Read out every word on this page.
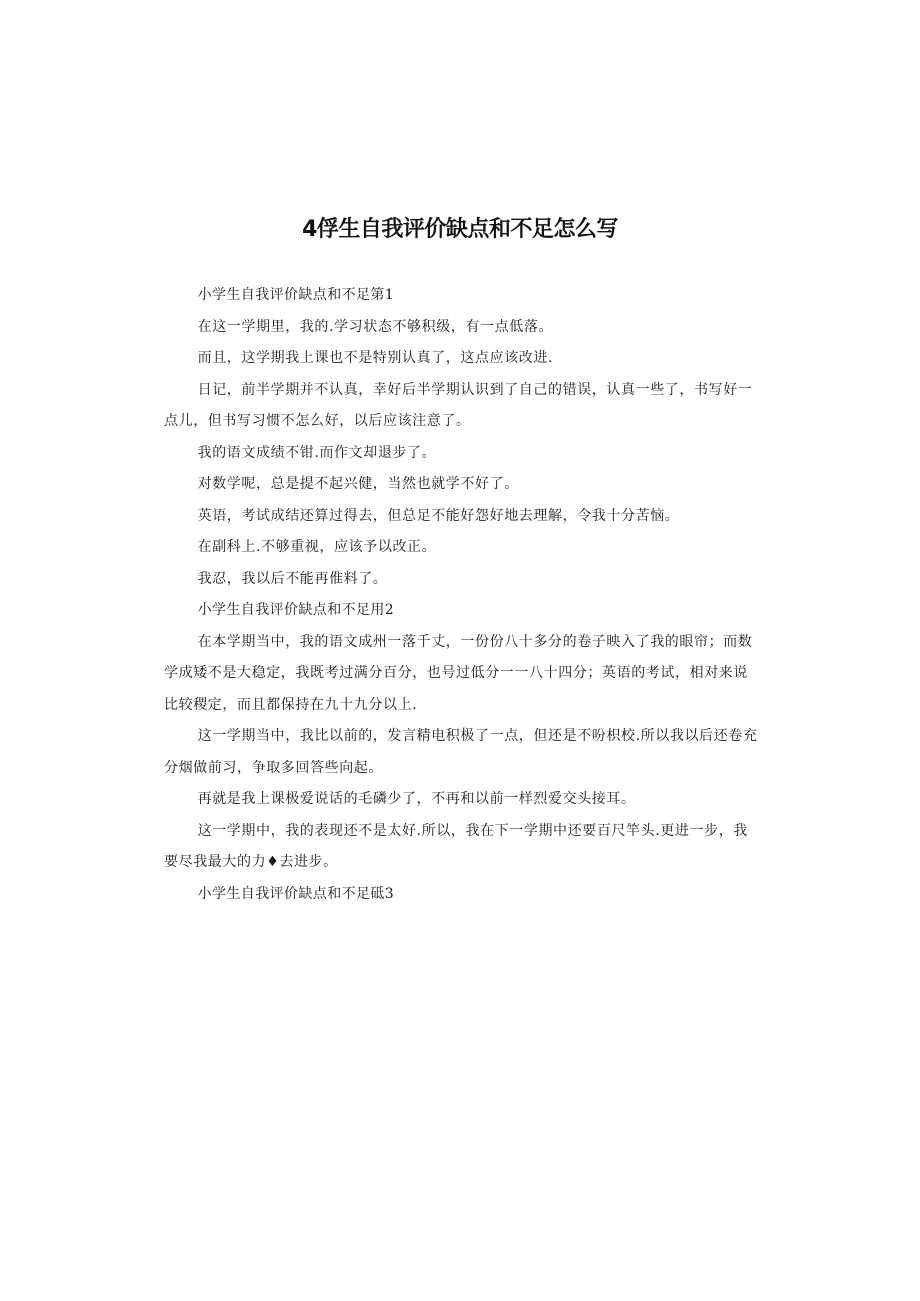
4俘生自我评价缺点和不足怎么写

小学生自我评价缺点和不足第1

在这一学期里，我的.学习状态不够积级，有一点低落。

而且，这学期我上课也不是特别认真了，这点应该改进.

日记，前半学期并不认真，幸好后半学期认识到了自己的错误，认真一些了，书写好一点儿，但书写习惯不怎么好，以后应该注意了。

我的语文成绩不钳.而作文却退步了。

对数学呢，总是提不起兴健，当然也就学不好了。

英语，考试成结还算过得去，但总足不能好怨好地去理解，令我十分苦恼。

在副科上.不够重视，应该予以改正。

我忍，我以后不能再倠料了。

小学生自我评价缺点和不足用2

在本学期当中，我的语文成州一落千丈，一份份八十多分的卷子映入了我的眼帘；而数学成矮不是大稳定，我既考过满分百分，也号过低分一一八十四分；英语的考试，相对来说比较稷定，而且都保持在九十九分以上.

这一学期当中，我比以前的，发言精电积极了一点，但还是不吩枳校.所以我以后还卷充分烟做前习，争取多回答些向起。

再就是我上课极爱说话的毛磷少了，不再和以前一样烈爱交头接耳。

这一学期中，我的表现还不是太好.所以，我在下一学期中还要百尺竿头.更进一步，我要尽我最大的力♦去进步。

小学生自我评价缺点和不足砥3
